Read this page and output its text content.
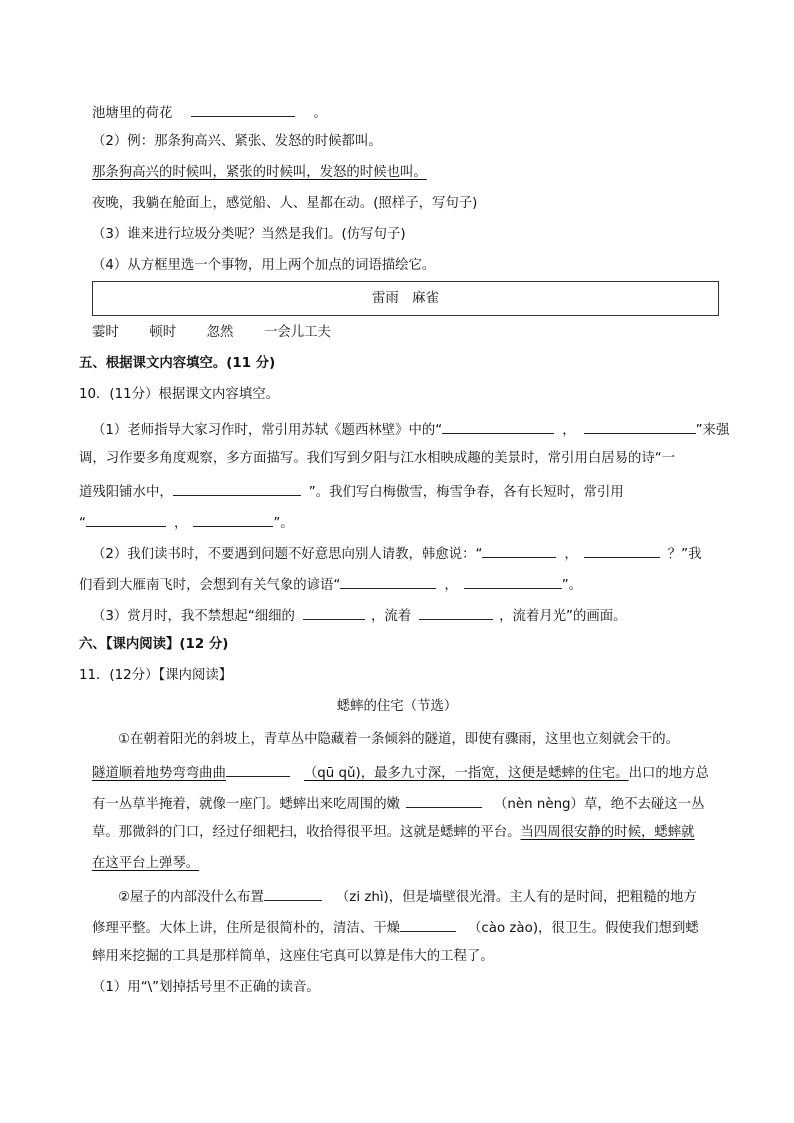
池塘里的荷花	。
（2）例：那条狗高兴、紧张、发怒的时候都叫。
那条狗高兴的时候叫，紧张的时候叫，发怒的时候也叫。
夜晚，我躺在舱面上，感觉船、人、星都在动。(照样子，写句子)
（3）谁来进行垃圾分类呢？当然是我们。(仿写句子)
（4）从方框里选一个事物，用上两个加点的词语描绘它。
雷雨　麻雀
霎时 顿时 忽然 一会儿工夫
五、根据课文内容填空。(11 分)
10．(11分）根据课文内容填空。
（1）老师指导大家习作时，常引用苏轼《题西林壁》中的“	，	”来强
调，习作要多角度观察，多方面描写。我们写到夕阳与江水相映成趣的美景时，常引用白居易的诗“一
道残阳铺水中，	”。我们写白梅傲雪，梅雪争春，各有长短时，常引用
“	，	”。
（2）我们读书时，不要遇到问题不好意思向别人请教，韩愈说：“	，	？”我
们看到大雁南飞时，会想到有关气象的谚语“	，	”。
（3）赏月时，我不禁想起“细细的	，流着	，流着月光”的画面。
六、【课内阅读】(12 分)
11．(12分）【课内阅读】
蟋蟀的住宅（节选）
①在朝着阳光的斜坡上，青草丛中隐藏着一条倾斜的隧道，即使有骤雨，这里也立刻就会干的。
隧道顺着地势弯弯曲曲	（qū qǔ)，最多九寸深，一指宽，这便是蟋蟀的住宅。出口的地方总
有一丛草半掩着，就像一座门。蟋蟀出来吃周围的嫩	（nèn nèng）草，绝不去碰这一丛
草。那微斜的门口，经过仔细耙扫，收拾得很平坦。这就是蟋蟀的平台。当四周很安静的时候，蟋蟀就
在这平台上弹琴。
②屋子的内部没什么布置	（zi zhì)，但是墙壁很光滑。主人有的是时间，把粗糙的地方
修理平整。大体上讲，住所是很简朴的，清洁、干燥	（cào zào)，很卫生。假使我们想到蟋
蟀用来挖掘的工具是那样简单，这座住宅真可以算是伟大的工程了。
（1）用“\”划掉括号里不正确的读音。
